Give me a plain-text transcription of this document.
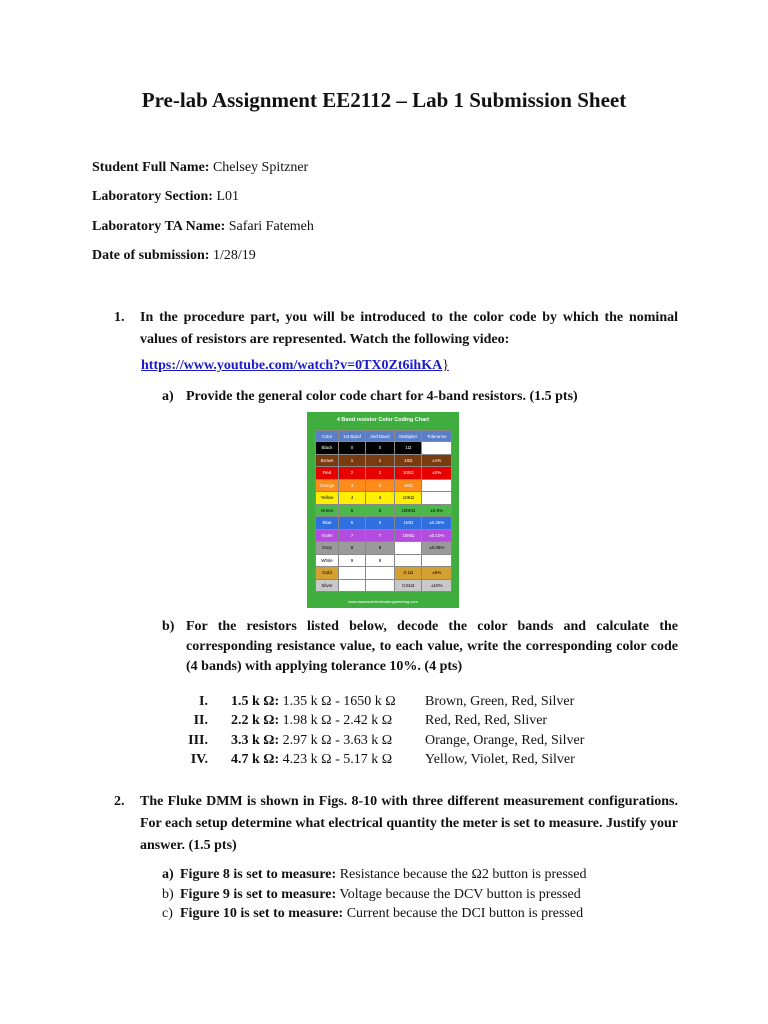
Pre-lab Assignment EE2112 – Lab 1 Submission Sheet
Student Full Name: Chelsey Spitzner
Laboratory Section: L01
Laboratory TA Name: Safari Fatemeh
Date of submission: 1/28/19
1. In the procedure part, you will be introduced to the color code by which the nominal values of resistors are represented. Watch the following video:
https://www.youtube.com/watch?v=0TX0Zt6ihKA}
a) Provide the general color code chart for 4-band resistors. (1.5 pts)
4 Band resistor Color Coding Chart
Color	1st Band	2nd Band	Multiplier	Tolerance
Black	0	0	1Ω	
Brown	1	1	10Ω	±1%
Red	2	2	100Ω	±2%
Orange	3	3	1KΩ	
Yellow	4	4	10KΩ	
Green	5	5	100KΩ	±0.5%
Blue	6	6	1MΩ	±0.25%
Violet	7	7	10MΩ	±0.10%
Grey	8	8		±0.05%
White	9	9		
Gold			0.1Ω	±5%
Silver			0.01Ω	±10%
www.basicsofelectricalengineering.com
b) For the resistors listed below, decode the color bands and calculate the corresponding resistance value, to each value, write the corresponding color code (4 bands) with applying tolerance 10%. (4 pts)
I. 1.5 k Ω: 1.35 k Ω - 1650 k Ω Brown, Green, Red, Silver
II. 2.2 k Ω: 1.98 k Ω - 2.42 k Ω Red, Red, Red, Sliver
III. 3.3 k Ω: 2.97 k Ω - 3.63 k Ω Orange, Orange, Red, Silver
IV. 4.7 k Ω: 4.23 k Ω - 5.17 k Ω Yellow, Violet, Red, Silver
2. The Fluke DMM is shown in Figs. 8-10 with three different measurement configurations. For each setup determine what electrical quantity the meter is set to measure. Justify your answer. (1.5 pts)
a) Figure 8 is set to measure: Resistance because the Ω2 button is pressed
b) Figure 9 is set to measure: Voltage because the DCV button is pressed
c) Figure 10 is set to measure: Current because the DCI button is pressed
